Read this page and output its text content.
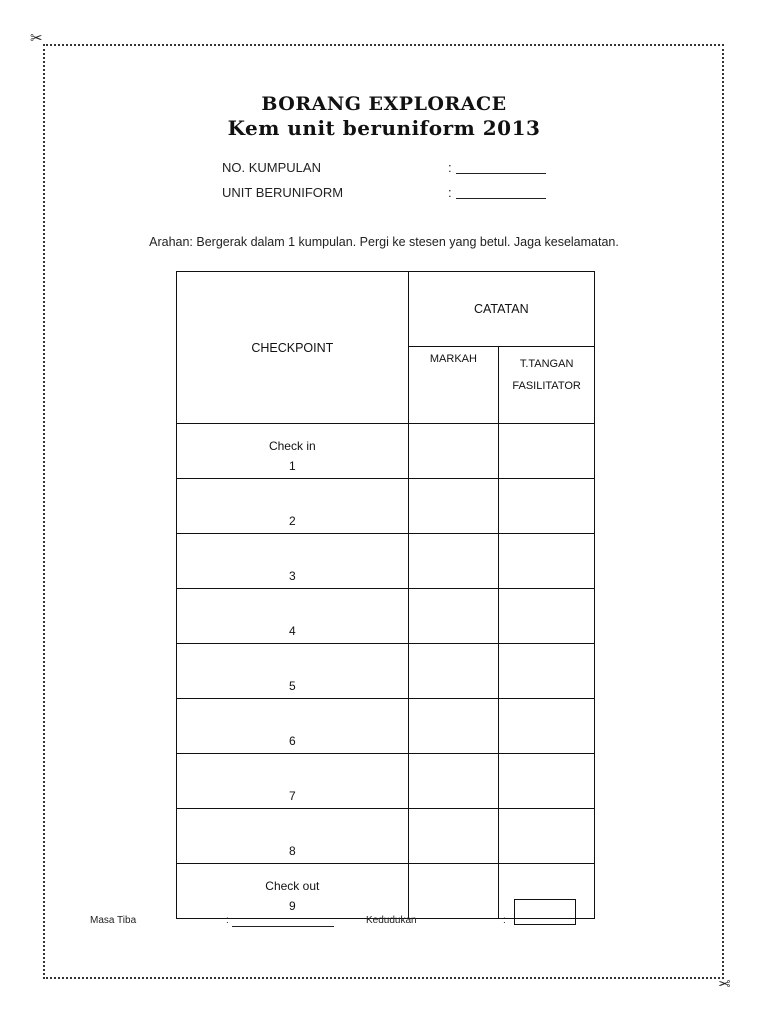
✂
✂
BORANG EXPLORACE
Kem unit beruniform 2013
NO. KUMPULAN	:
UNIT BERUNIFORM	:
Arahan: Bergerak dalam 1 kumpulan. Pergi ke stesen yang betul. Jaga keselamatan.
CHECKPOINT	CATATAN	
	MARKAH	T.TANGAN
FASILITATOR

Check in
1		
2		
3		
4		
5		
6		
7		
8		

Check out
9		
Masa Tiba	:	Kedudukan	:
